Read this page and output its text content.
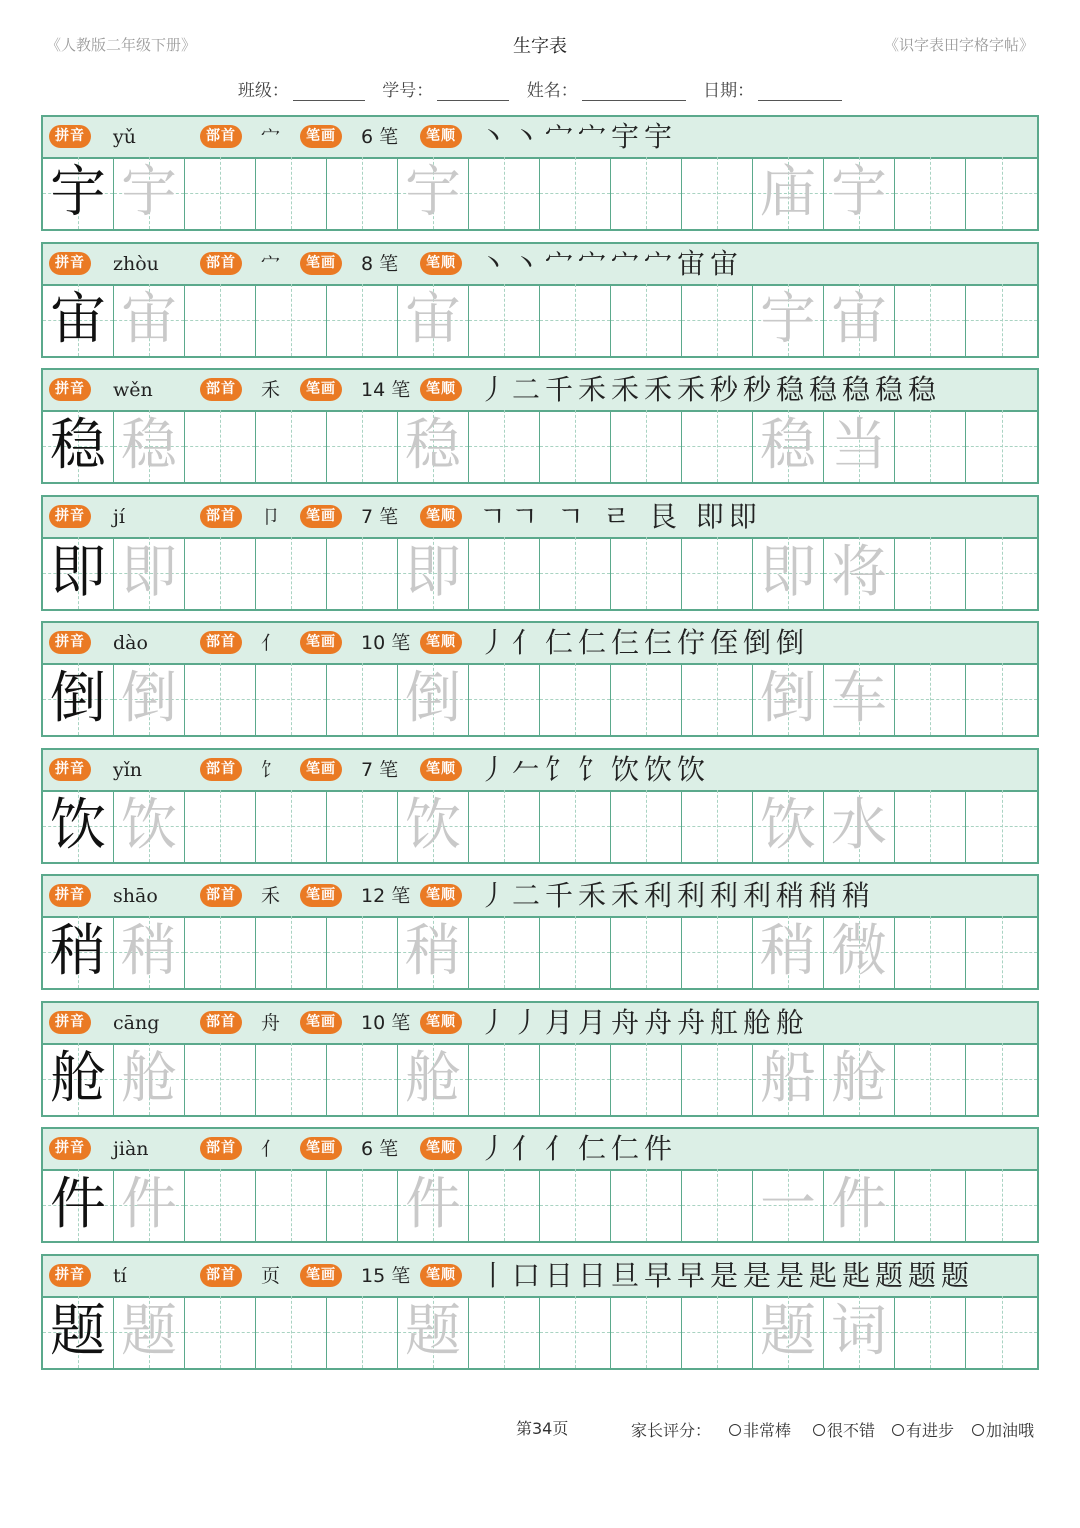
《人教版二年级下册》	生字表	《识字表田字格字帖》
班级：	学号：	姓名：	日期：
拼音	yǔ	部首	宀	笔画	6 笔	笔顺 丶丶宀宀宇宇
宇 宇	宇	庙 宇
拼音	zhòu	部首	宀	笔画	8 笔	笔顺 丶丶宀宀宀宀宙宙
宙 宙	宙	宇 宙
拼音	wěn	部首	禾	笔画	14 笔	笔顺 丿二千禾禾禾禾秒秒稳稳稳稳稳
稳 稳	稳	稳 当
拼音	jí	部首	卩	笔画	7 笔	笔顺 ㄱㄱ ㄱ ㄹ 艮 即即
即 即	即	即 将
拼音	dào	部首	亻	笔画	10 笔	笔顺 丿亻仁仁仨仨佇侄倒倒
倒 倒	倒	倒 车
拼音	yǐn	部首	饣	笔画	7 笔	笔顺 丿𠂉饣饣饮饮饮
饮 饮	饮	饮 水
拼音	shāo	部首	禾	笔画	12 笔	笔顺 丿二千禾禾利利利利稍稍稍
稍 稍	稍	稍 微
拼音	cāng	部首	舟	笔画	10 笔	笔顺 丿丿月月舟舟舟舡舱舱
舱 舱	舱	船 舱
拼音	jiàn	部首	亻	笔画	6 笔	笔顺 丿亻亻仁仁件
件 件	件	一 件
拼音	tí	部首	页	笔画	15 笔	笔顺 丨口日日旦早早是是是匙匙题题题
题 题	题	题 词
第34页	家长评分：	非常棒	很不错	有进步	加油哦
